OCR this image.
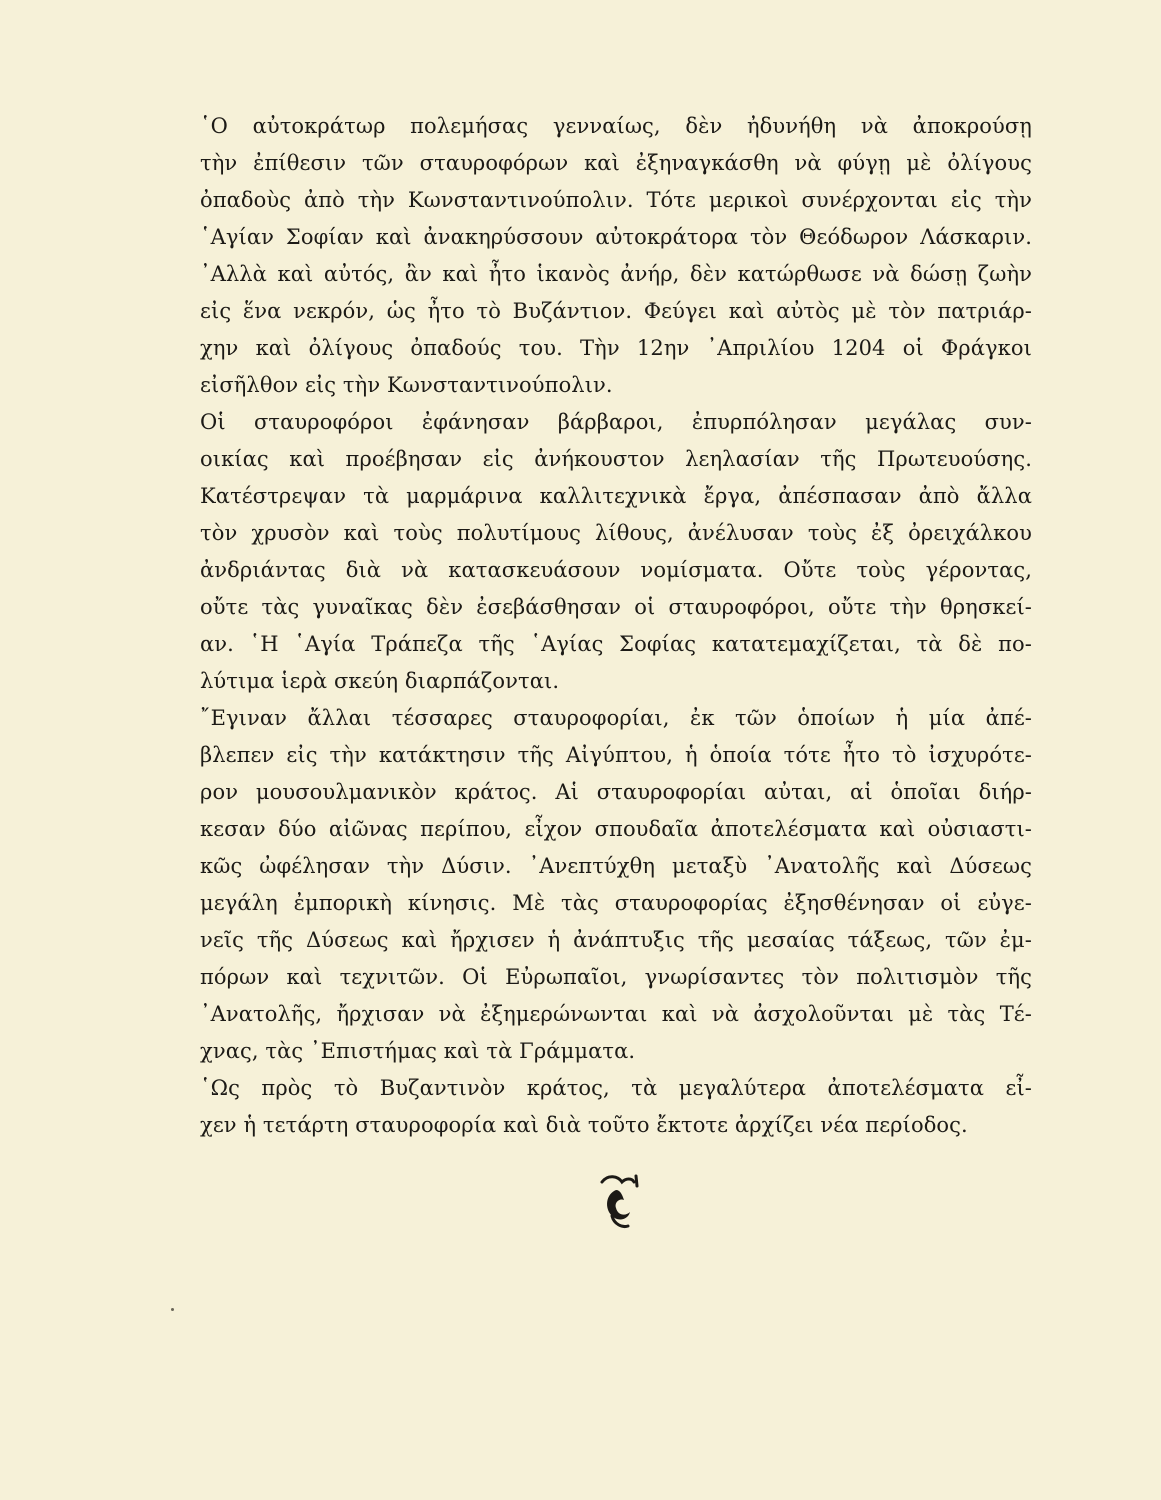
῾Ο αὐτοκράτωρ πολεμήσας γενναίως, δὲν ἠδυνήθη νὰ ἀποκρούσῃ
τὴν ἐπίθεσιν τῶν σταυροφόρων καὶ ἐξηναγκάσθη νὰ φύγῃ μὲ ὀλίγους
ὀπαδοὺς ἀπὸ τὴν Κωνσταντινούπολιν. Τότε μερικοὶ συνέρχονται εἰς τὴν
῾Αγίαν Σοφίαν καὶ ἀνακηρύσσουν αὐτοκράτορα τὸν Θεόδωρον Λάσκαριν.
᾿Αλλὰ καὶ αὐτός, ἂν καὶ ἦτο ἱκανὸς ἀνήρ, δὲν κατώρθωσε νὰ δώσῃ ζωὴν
εἰς ἕνα νεκρόν, ὡς ἦτο τὸ Βυζάντιον. Φεύγει καὶ αὐτὸς μὲ τὸν πατριάρ-
χην καὶ ὀλίγους ὀπαδούς του. Τὴν 12ην ᾿Απριλίου 1204 οἱ Φράγκοι
εἰσῆλθον εἰς τὴν Κωνσταντινούπολιν.
Οἱ σταυροφόροι ἐφάνησαν βάρβαροι, ἐπυρπόλησαν μεγάλας συν-
οικίας καὶ προέβησαν εἰς ἀνήκουστον λεηλασίαν τῆς Πρωτευούσης.
Κατέστρεψαν τὰ μαρμάρινα καλλιτεχνικὰ ἔργα, ἀπέσπασαν ἀπὸ ἄλλα
τὸν χρυσὸν καὶ τοὺς πολυτίμους λίθους, ἀνέλυσαν τοὺς ἐξ ὀρειχάλκου
ἀνδριάντας διὰ νὰ κατασκευάσουν νομίσματα. Οὔτε τοὺς γέροντας,
οὔτε τὰς γυναῖκας δὲν ἐσεβάσθησαν οἱ σταυροφόροι, οὔτε τὴν θρησκεί-
αν. ῾Η ῾Αγία Τράπεζα τῆς ῾Αγίας Σοφίας κατατεμαχίζεται, τὰ δὲ πο-
λύτιμα ἱερὰ σκεύη διαρπάζονται.
῎Εγιναν ἄλλαι τέσσαρες σταυροφορίαι, ἐκ τῶν ὁποίων ἡ μία ἀπέ-
βλεπεν εἰς τὴν κατάκτησιν τῆς Αἰγύπτου, ἡ ὁποία τότε ἦτο τὸ ἰσχυρότε-
ρον μουσουλμανικὸν κράτος. Αἱ σταυροφορίαι αὐται, αἱ ὁποῖαι διήρ-
κεσαν δύο αἰῶνας περίπου, εἶχον σπουδαῖα ἀποτελέσματα καὶ οὐσιαστι-
κῶς ὠφέλησαν τὴν Δύσιν. ᾿Ανεπτύχθη μεταξὺ ᾿Ανατολῆς καὶ Δύσεως
μεγάλη ἐμπορικὴ κίνησις. Μὲ τὰς σταυροφορίας ἐξησθένησαν οἱ εὐγε-
νεῖς τῆς Δύσεως καὶ ἤρχισεν ἡ ἀνάπτυξις τῆς μεσαίας τάξεως, τῶν ἐμ-
πόρων καὶ τεχνιτῶν. Οἱ Εὐρωπαῖοι, γνωρίσαντες τὸν πολιτισμὸν τῆς
᾿Ανατολῆς, ἤρχισαν νὰ ἐξημερώνωνται καὶ νὰ ἀσχολοῦνται μὲ τὰς Τέ-
χνας, τὰς ᾿Επιστήμας καὶ τὰ Γράμματα.
῾Ως πρὸς τὸ Βυζαντινὸν κράτος, τὰ μεγαλύτερα ἀποτελέσματα εἶ-
χεν ἡ τετάρτη σταυροφορία καὶ διὰ τοῦτο ἔκτοτε ἀρχίζει νέα περίοδος.
